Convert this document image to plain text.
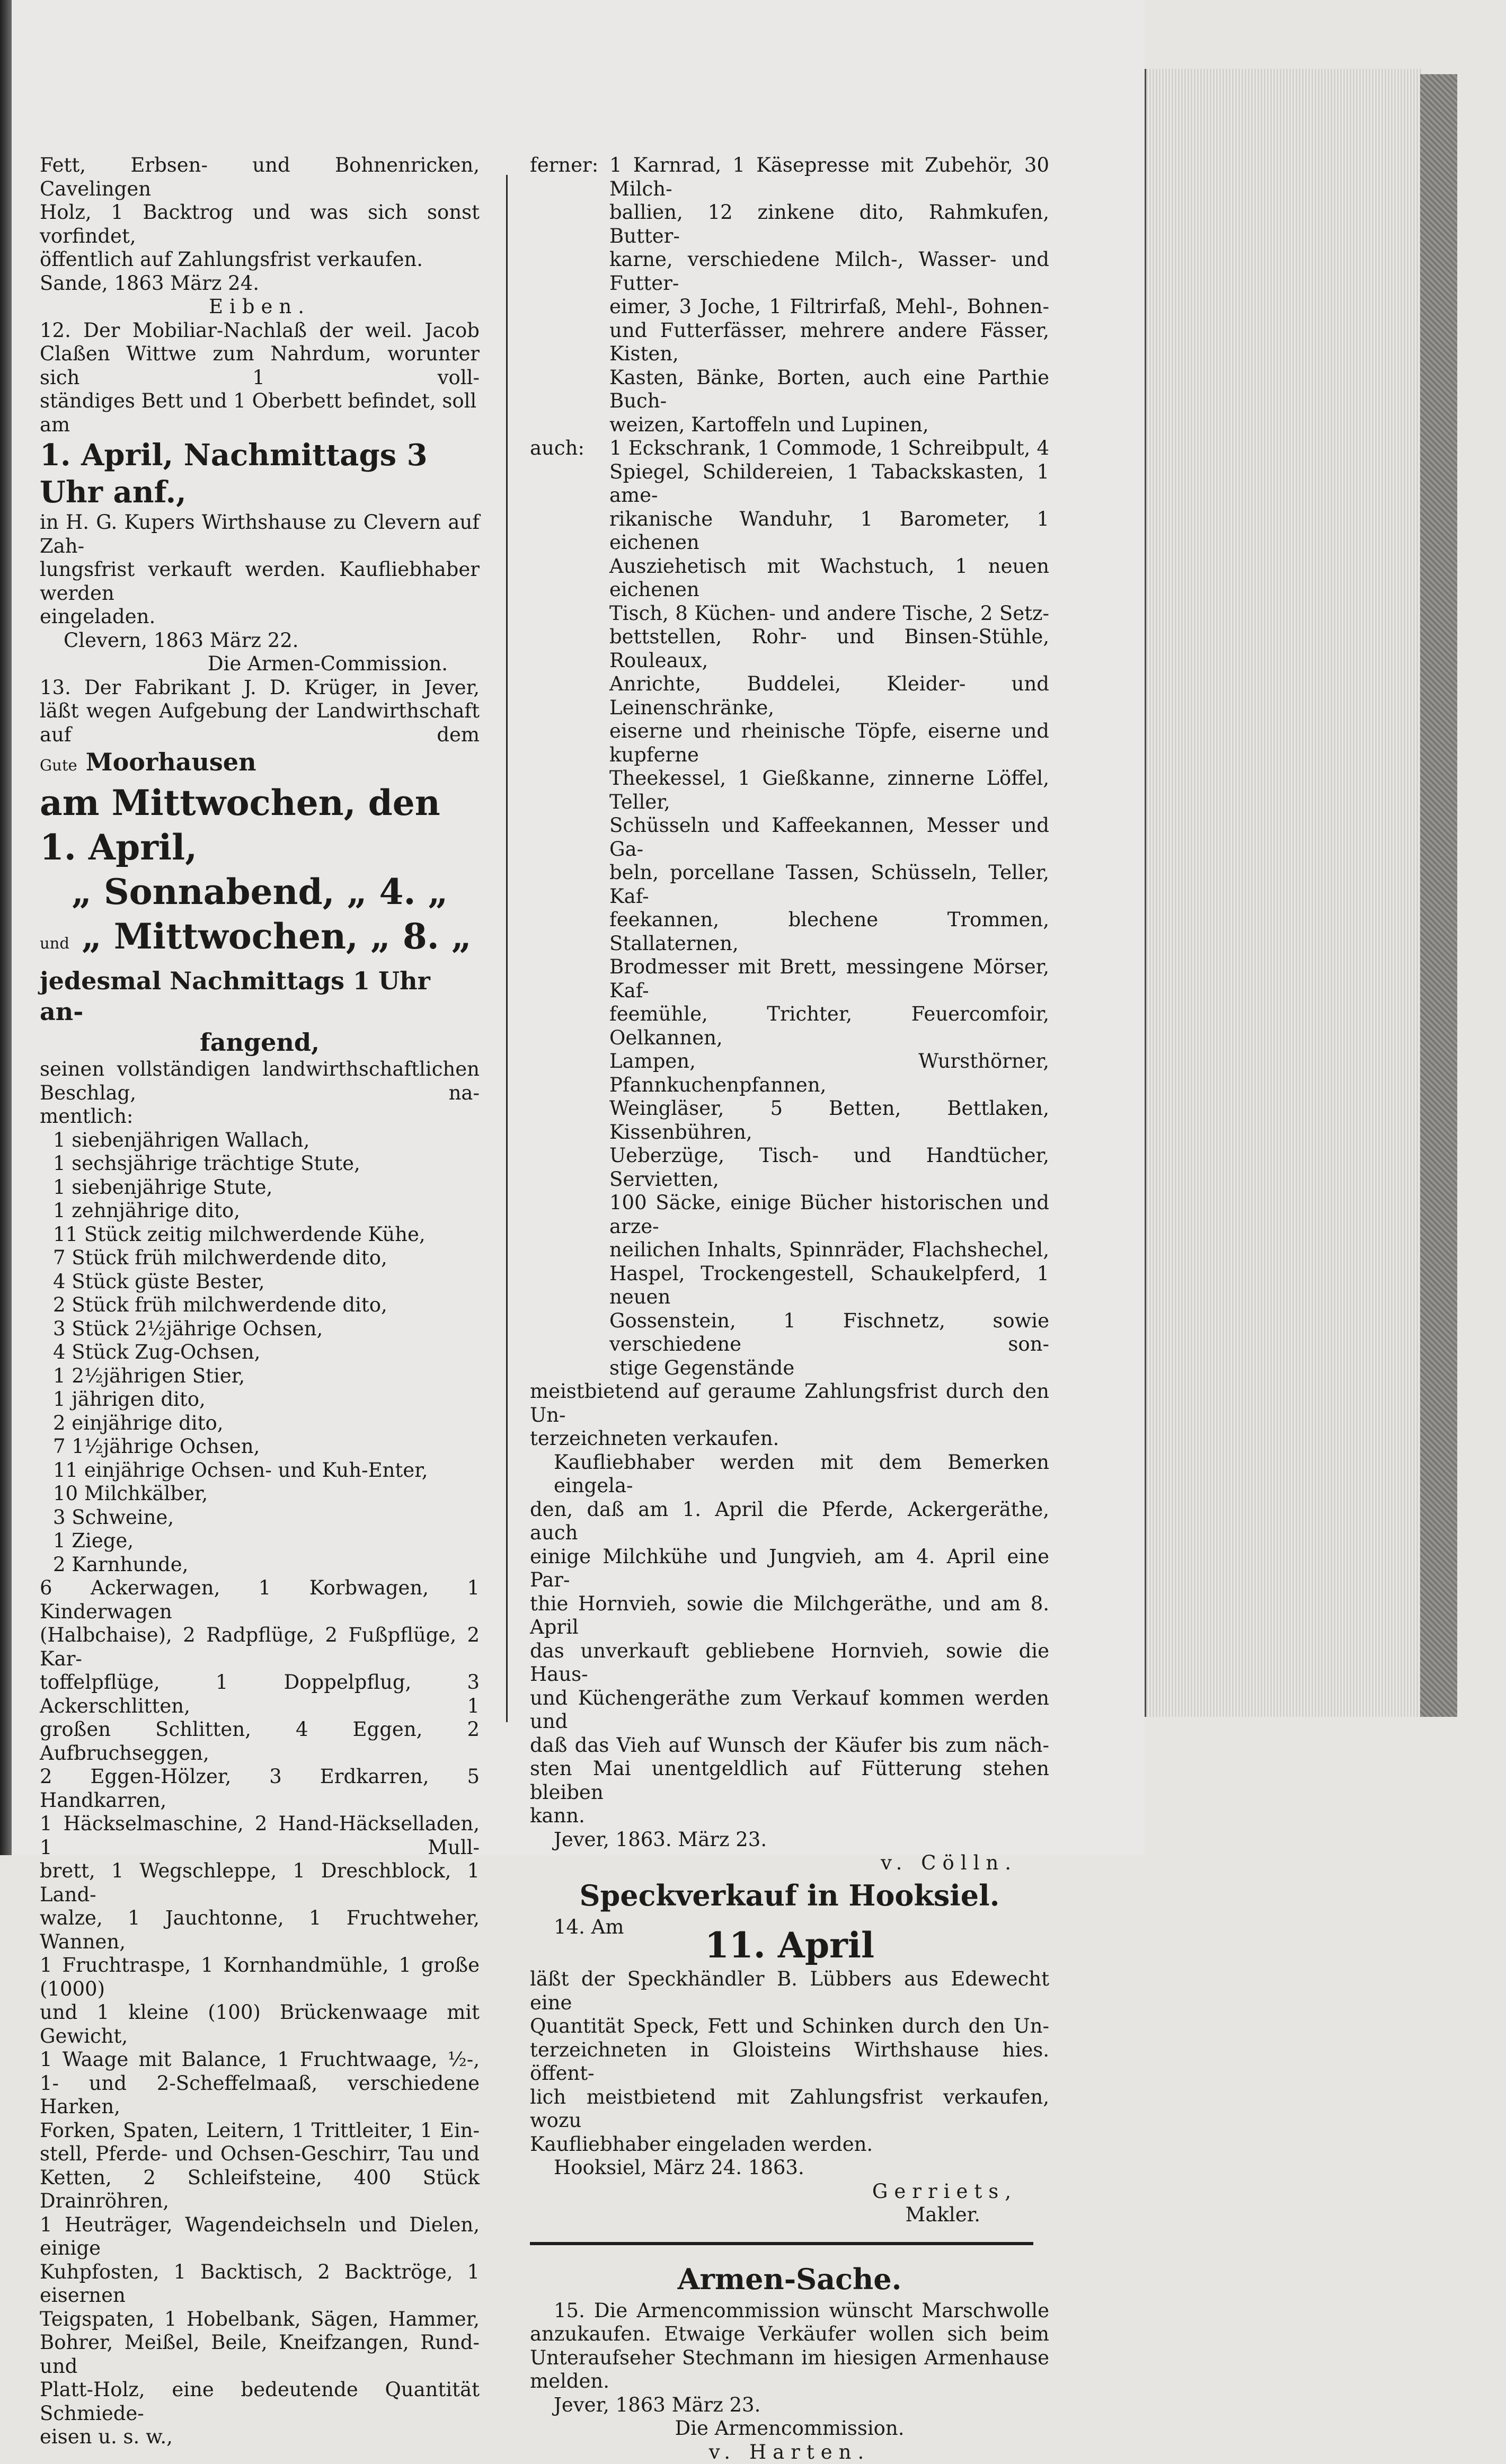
Fett, Erbsen- und Bohnenricken, Cavelingen

Holz, 1 Backtrog und was sich sonst vorfindet,

öffentlich auf Zahlungsfrist verkaufen.

Sande, 1863 März 24.

Eiben.

12. Der Mobiliar-Nachlaß der weil. Jacob

Claßen Wittwe zum Nahrdum, worunter sich 1 voll-

ständiges Bett und 1 Oberbett befindet, soll am

1. April, Nachmittags 3 Uhr anf.,

in H. G. Kupers Wirthshause zu Clevern auf Zah-

lungsfrist verkauft werden. Kaufliebhaber werden

eingeladen.

Clevern, 1863 März 22.

Die Armen-Commission.

13. Der Fabrikant J. D. Krüger, in Jever,

läßt wegen Aufgebung der Landwirthschaft auf dem

Gute Moorhausen

am Mittwochen, den 1. April,

„ Sonnabend, „ 4. „

und „ Mittwochen, „ 8. „

jedesmal Nachmittags 1 Uhr an-

fangend,

seinen vollständigen landwirthschaftlichen Beschlag, na-

mentlich:

1 siebenjährigen Wallach,

1 sechsjährige trächtige Stute,

1 siebenjährige Stute,

1 zehnjährige dito,

11 Stück zeitig milchwerdende Kühe,

7 Stück früh milchwerdende dito,

4 Stück güste Bester,

2 Stück früh milchwerdende dito,

3 Stück 2½jährige Ochsen,

4 Stück Zug-Ochsen,

1 2½jährigen Stier,

1 jährigen dito,

2 einjährige dito,

7 1½jährige Ochsen,

11 einjährige Ochsen- und Kuh-Enter,

10 Milchkälber,

3 Schweine,

1 Ziege,

2 Karnhunde,

6 Ackerwagen, 1 Korbwagen, 1 Kinderwagen

(Halbchaise), 2 Radpflüge, 2 Fußpflüge, 2 Kar-

toffelpflüge, 1 Doppelpflug, 3 Ackerschlitten, 1

großen Schlitten, 4 Eggen, 2 Aufbruchseggen,

2 Eggen-Hölzer, 3 Erdkarren, 5 Handkarren,

1 Häckselmaschine, 2 Hand-Häckselladen, 1 Mull-

brett, 1 Wegschleppe, 1 Dreschblock, 1 Land-

walze, 1 Jauchtonne, 1 Fruchtweher, Wannen,

1 Fruchtraspe, 1 Kornhandmühle, 1 große (1000)

und 1 kleine (100) Brückenwaage mit Gewicht,

1 Waage mit Balance, 1 Fruchtwaage, ½-,

1- und 2-Scheffelmaaß, verschiedene Harken,

Forken, Spaten, Leitern, 1 Trittleiter, 1 Ein-

stell, Pferde- und Ochsen-Geschirr, Tau und

Ketten, 2 Schleifsteine, 400 Stück Drainröhren,

1 Heuträger, Wagendeichseln und Dielen, einige

Kuhpfosten, 1 Backtisch, 2 Backtröge, 1 eisernen

Teigspaten, 1 Hobelbank, Sägen, Hammer,

Bohrer, Meißel, Beile, Kneifzangen, Rund- und

Platt-Holz, eine bedeutende Quantität Schmiede-

eisen u. s. w.,

ferner: 1 Karnrad, 1 Käsepresse mit Zubehör, 30 Milch-

ballien, 12 zinkene dito, Rahmkufen, Butter-

karne, verschiedene Milch-, Wasser- und Futter-

eimer, 3 Joche, 1 Filtrirfaß, Mehl-, Bohnen-

und Futterfässer, mehrere andere Fässer, Kisten,

Kasten, Bänke, Borten, auch eine Parthie Buch-

weizen, Kartoffeln und Lupinen,

auch:	1 Eckschrank, 1 Commode, 1 Schreibpult, 4

Spiegel, Schildereien, 1 Tabackskasten, 1 ame-

rikanische Wanduhr, 1 Barometer, 1 eichenen

Ausziehetisch mit Wachstuch, 1 neuen eichenen

Tisch, 8 Küchen- und andere Tische, 2 Setz-

bettstellen, Rohr- und Binsen-Stühle, Rouleaux,

Anrichte, Buddelei, Kleider- und Leinenschränke,

eiserne und rheinische Töpfe, eiserne und kupferne

Theekessel, 1 Gießkanne, zinnerne Löffel, Teller,

Schüsseln und Kaffeekannen, Messer und Ga-

beln, porcellane Tassen, Schüsseln, Teller, Kaf-

feekannen, blechene Trommen, Stallaternen,

Brodmesser mit Brett, messingene Mörser, Kaf-

feemühle, Trichter, Feuercomfoir, Oelkannen,

Lampen, Wursthörner, Pfannkuchenpfannen,

Weingläser, 5 Betten, Bettlaken, Kissenbühren,

Ueberzüge, Tisch- und Handtücher, Servietten,

100 Säcke, einige Bücher historischen und arze-

neilichen Inhalts, Spinnräder, Flachshechel,

Haspel, Trockengestell, Schaukelpferd, 1 neuen

Gossenstein, 1 Fischnetz, sowie verschiedene son-

stige Gegenstände

meistbietend auf geraume Zahlungsfrist durch den Un-

terzeichneten verkaufen.

Kaufliebhaber werden mit dem Bemerken eingela-

den, daß am 1. April die Pferde, Ackergeräthe, auch

einige Milchkühe und Jungvieh, am 4. April eine Par-

thie Hornvieh, sowie die Milchgeräthe, und am 8. April

das unverkauft gebliebene Hornvieh, sowie die Haus-

und Küchengeräthe zum Verkauf kommen werden und

daß das Vieh auf Wunsch der Käufer bis zum näch-

sten Mai unentgeldlich auf Fütterung stehen bleiben

kann.

Jever, 1863. März 23.

v. Cölln.

Speckverkauf in Hooksiel.

14. Am	11. April

läßt der Speckhändler B. Lübbers aus Edewecht eine

Quantität Speck, Fett und Schinken durch den Un-

terzeichneten in Gloisteins Wirthshause hies. öffent-

lich meistbietend mit Zahlungsfrist verkaufen, wozu

Kaufliebhaber eingeladen werden.

Hooksiel, März 24. 1863.

Gerriets,

Makler.

Armen-Sache.

15. Die Armencommission wünscht Marschwolle

anzukaufen. Etwaige Verkäufer wollen sich beim

Unteraufseher Stechmann im hiesigen Armenhause

melden.

Jever, 1863 März 23.

Die Armencommission.

v. Harten.
